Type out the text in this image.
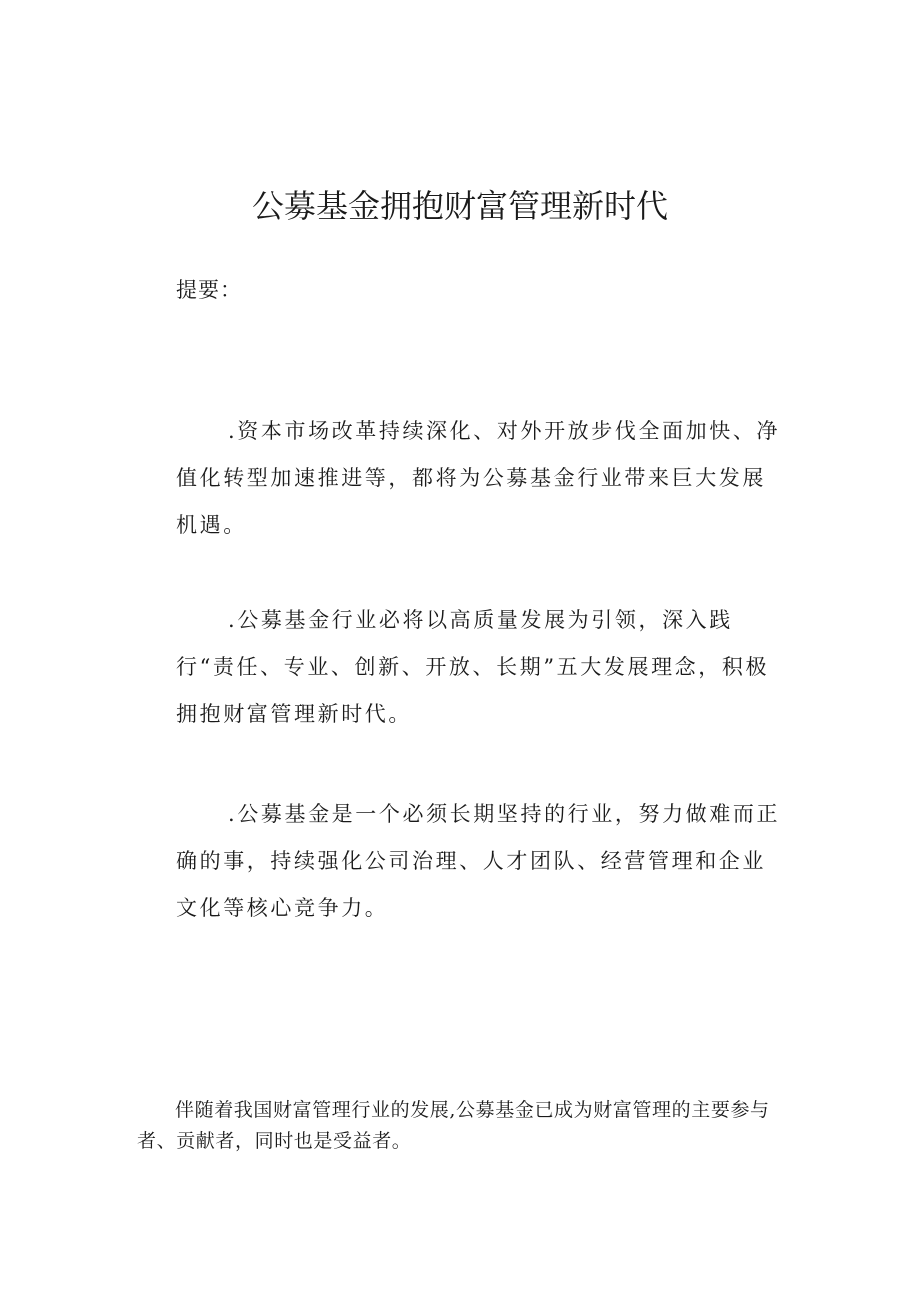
公募基金拥抱财富管理新时代
提要：

.资本市场改革持续深化、对外开放步伐全面加快、净值化转型加速推进等，都将为公募基金行业带来巨大发展机遇。

.公募基金行业必将以高质量发展为引领，深入践行“责任、专业、创新、开放、长期”五大发展理念，积极拥抱财富管理新时代。

.公募基金是一个必须长期坚持的行业，努力做难而正确的事，持续强化公司治理、人才团队、经营管理和企业文化等核心竞争力。

伴随着我国财富管理行业的发展,公募基金已成为财富管理的主要参与者、贡献者，同时也是受益者。
